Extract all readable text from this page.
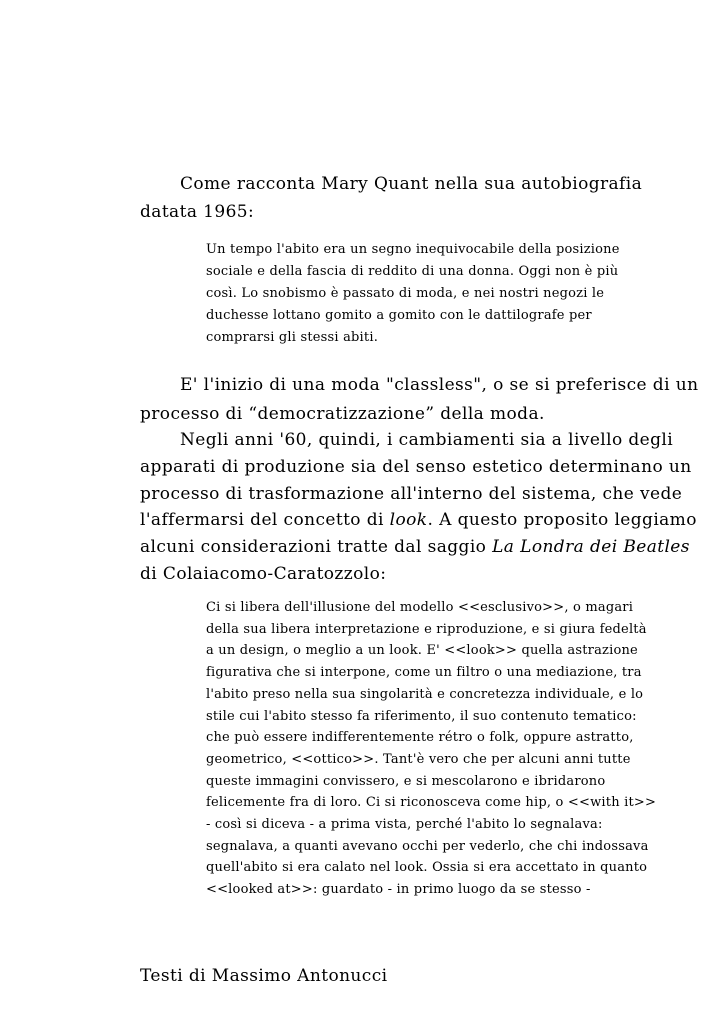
Come racconta Mary Quant nella sua autobiografia
datata 1965:
Un tempo l'abito era un segno inequivocabile della posizione
sociale e della fascia di reddito di una donna. Oggi non è più
così. Lo snobismo è passato di moda, e nei nostri negozi le
duchesse lottano gomito a gomito con le dattilografe per
comprarsi gli stessi abiti.
E' l'inizio di una moda "classless", o se si preferisce di un
processo di “democratizzazione” della moda.
Negli anni '60, quindi, i cambiamenti sia a livello degli
apparati di produzione sia del senso estetico determinano un
processo di trasformazione all'interno del sistema, che vede
l'affermarsi del concetto di look. A questo proposito leggiamo
alcuni considerazioni tratte dal saggio La Londra dei Beatles
di Colaiacomo-Caratozzolo:
Ci si libera dell'illusione del modello <<esclusivo>>, o magari
della sua libera interpretazione e riproduzione, e si giura fedeltà
a un design, o meglio a un look. E' <<look>> quella astrazione
figurativa che si interpone, come un filtro o una mediazione, tra
l'abito preso nella sua singolarità e concretezza individuale, e lo
stile cui l'abito stesso fa riferimento, il suo contenuto tematico:
che può essere indifferentemente rétro o folk, oppure astratto,
geometrico, <<ottico>>. Tant'è vero che per alcuni anni tutte
queste immagini convissero, e si mescolarono e ibridarono
felicemente fra di loro. Ci si riconosceva come hip, o <<with it>>
- così si diceva - a prima vista, perché l'abito lo segnalava:
segnalava, a quanti avevano occhi per vederlo, che chi indossava
quell'abito si era calato nel look. Ossia si era accettato in quanto
<<looked at>>: guardato - in primo luogo da se stesso -
Testi di Massimo Antonucci
